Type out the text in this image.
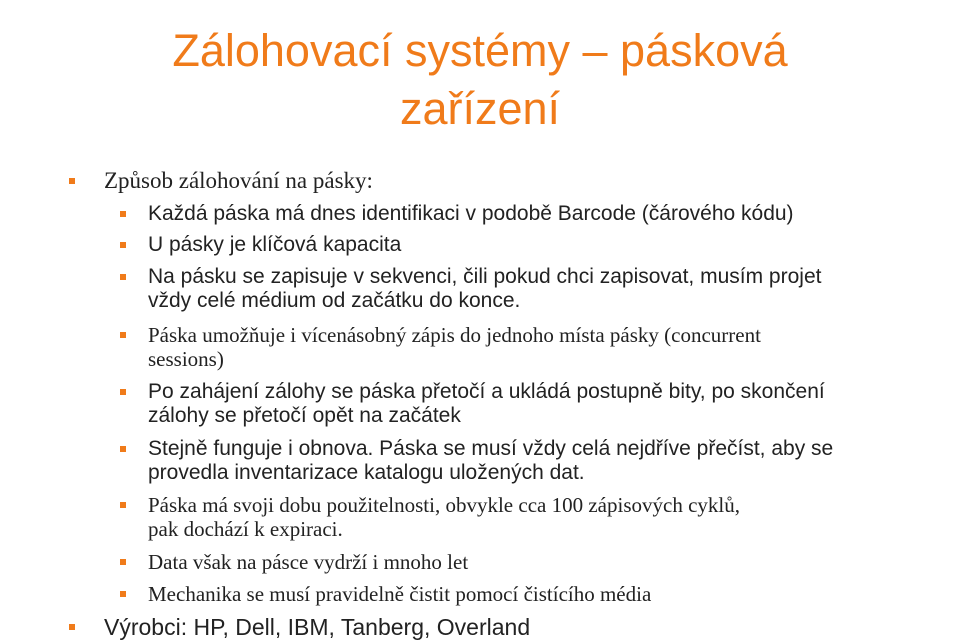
Zálohovací systémy – pásková
zařízení
Způsob zálohování na pásky:
Každá páska má dnes identifikaci v podobě Barcode (čárového kódu)
U pásky je klíčová kapacita
Na pásku se zapisuje v sekvenci, čili pokud chci zapisovat, musím projet
vždy celé médium od začátku do konce.
Páska umožňuje i vícenásobný zápis do jednoho místa pásky (concurrent
sessions)
Po zahájení zálohy se páska přetočí a ukládá postupně bity, po skončení
zálohy se přetočí opět na začátek
Stejně funguje i obnova. Páska se musí vždy celá nejdříve přečíst, aby se
provedla inventarizace katalogu uložených dat.
Páska má svoji dobu použitelnosti, obvykle cca 100 zápisových cyklů,
pak dochází k expiraci.
Data však na pásce vydrží i mnoho let
Mechanika se musí pravidelně čistit pomocí čistícího média
Výrobci: HP, Dell, IBM, Tanberg, Overland
